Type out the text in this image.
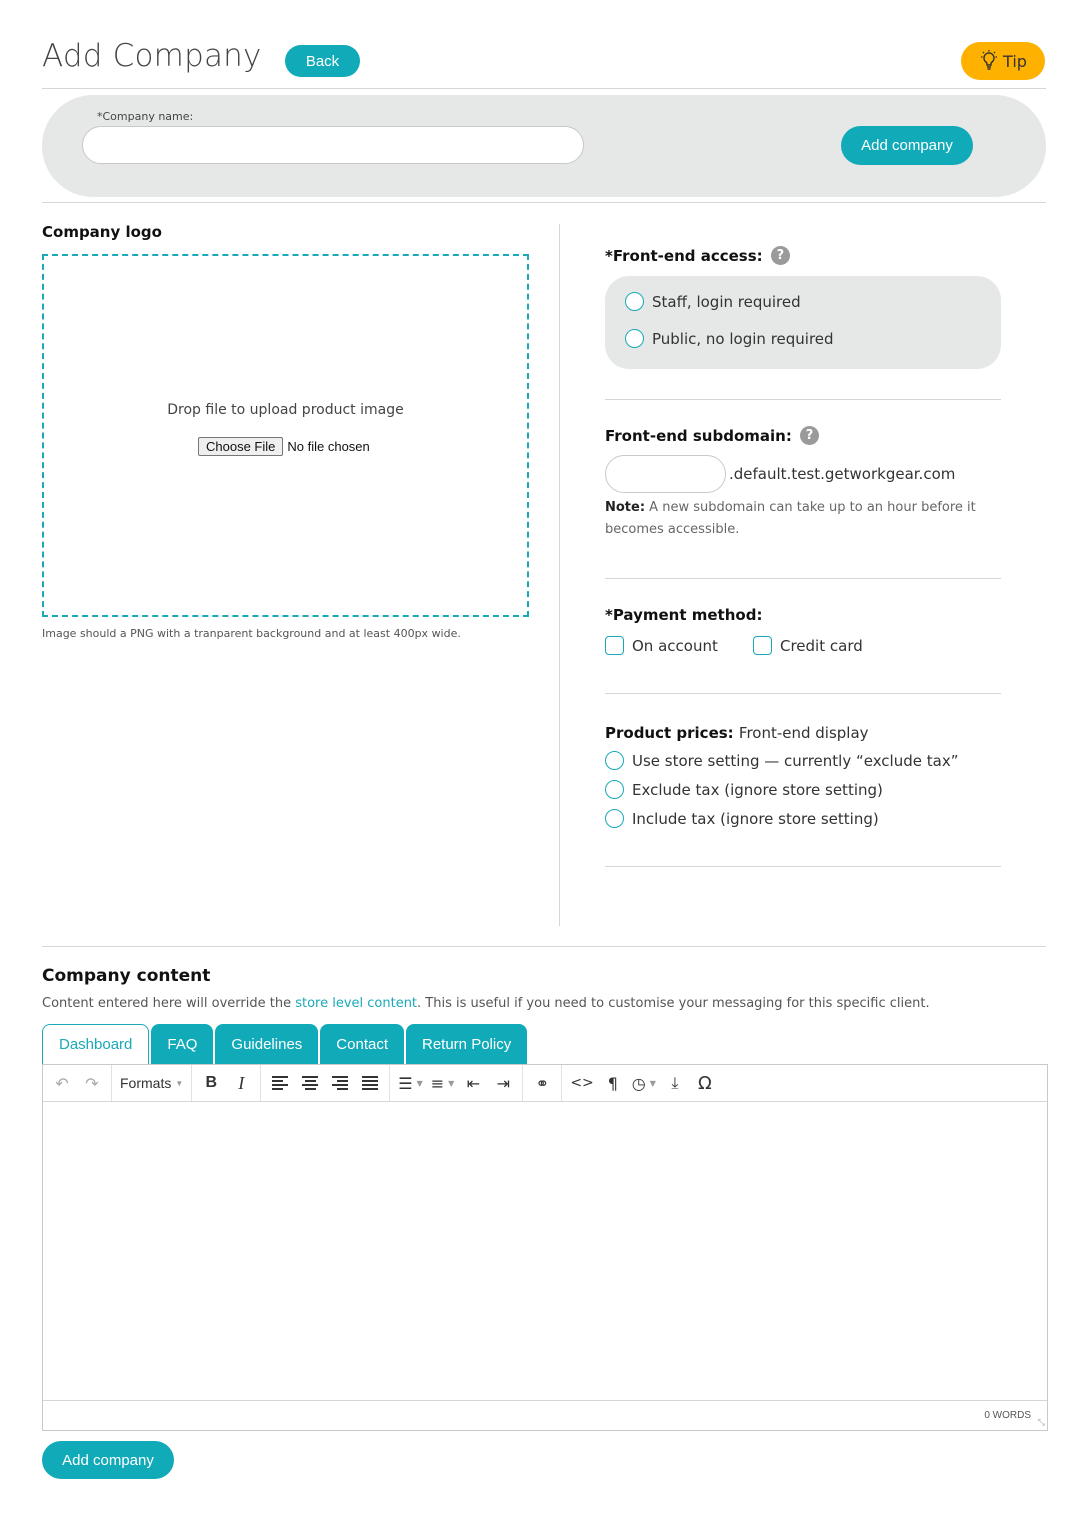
Add Company	Back	Tip
*Company name:
Add company
Company logo
Drop file to upload product image
Choose File No file chosen
Image should a PNG with a tranparent background and at least 400px wide.
*Front-end access: ?
Staff, login required
Public, no login required
Front-end subdomain: ?
.default.test.getworkgear.com
Note: A new subdomain can take up to an hour before it becomes accessible.
*Payment method:
On account	Credit card
Product prices: Front-end display
Use store setting — currently “exclude tax”
Exclude tax (ignore store setting)
Include tax (ignore store setting)
Company content
Content entered here will override the store level content. This is useful if you need to customise your messaging for this specific client.
Dashboard	FAQ	Guidelines	Contact	Return Policy
↶	↷	Formats ▼	B	I	☰ ▼ ≡ ▼ ⇤	⇥	⚭	<> ¶ ◷ ▼ ⤓	Ω
0 WORDS
⤡
Add company
